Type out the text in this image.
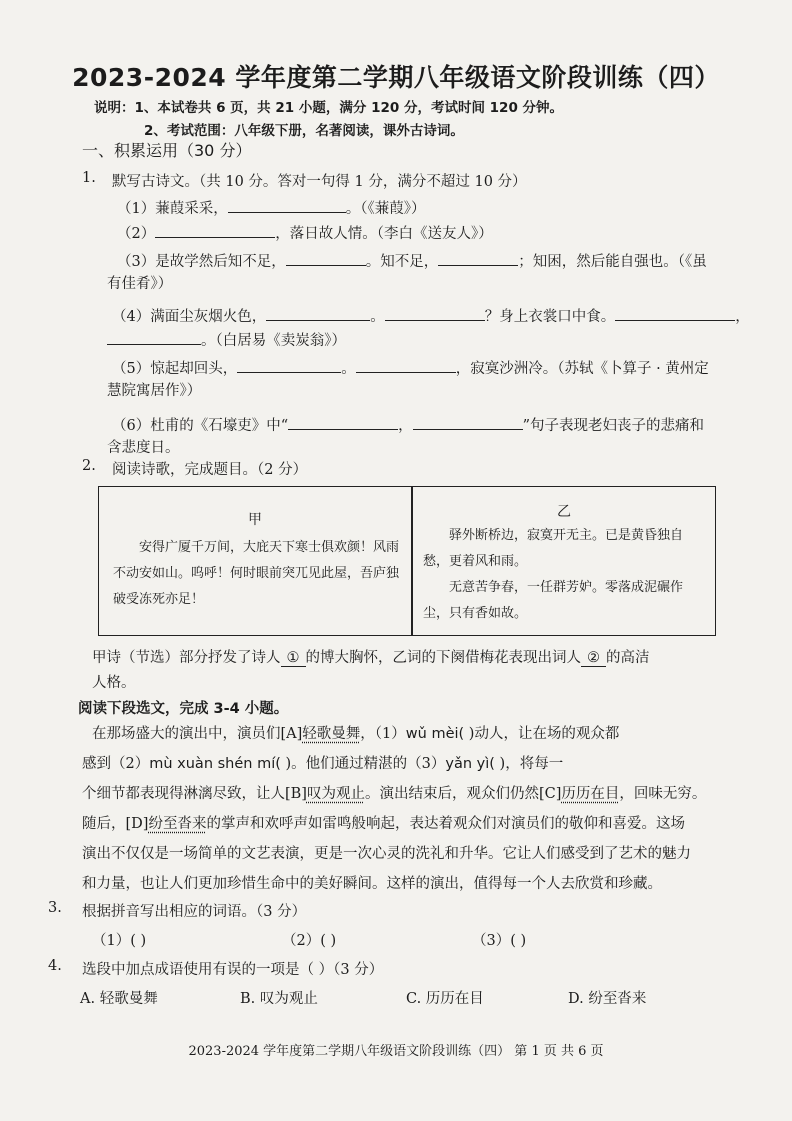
2023-2024 学年度第二学期八年级语文阶段训练（四）
说明：1、本试卷共 6 页，共 21 小题，满分 120 分，考试时间 120 分钟。
2、考试范围：八年级下册，名著阅读，课外古诗词。
一、积累运用（30 分）
1. 默写古诗文。（共 10 分。答对一句得 1 分，满分不超过 10 分）
（1）蒹葭采采，	。（《蒹葭》）
（2）	，落日故人情。（李白《送友人》）
（3）是故学然后知不足，	。知不足，	；知困，然后能自强也。（《虽
有佳肴》）
（4）满面尘灰烟火色，	。	？身上衣裳口中食。	，
。（白居易《卖炭翁》）
（5）惊起却回头，	。	，寂寞沙洲冷。（苏轼《卜算子 · 黄州定
慧院寓居作》）
（6）杜甫的《石壕吏》中“	，	”句子表现老妇丧子的悲痛和
含悲度日。
2. 阅读诗歌，完成题目。（2 分）
甲
安得广厦千万间，大庇天下寒士俱欢颜！风雨不动安如山。呜呼！何时眼前突兀见此屋，吾庐独破受冻死亦足！
乙
驿外断桥边，寂寞开无主。已是黄昏独自愁，更着风和雨。
无意苦争春，一任群芳妒。零落成泥碾作尘，只有香如故。
甲诗（节选）部分抒发了诗人 ① 的博大胸怀，乙词的下阕借梅花表现出词人 ② 的高洁
人格。
阅读下段选文，完成 3-4 小题。
在那场盛大的演出中，演员们[A]轻歌曼舞，（1）wǔ mèi( )动人，让在场的观众都
感到（2）mù xuàn shén mí( )。他们通过精湛的（3）yǎn yì( )，将每一
个细节都表现得淋漓尽致，让人[B]叹为观止。演出结束后，观众们仍然[C]历历在目，回味无穷。
随后，[D]纷至沓来的掌声和欢呼声如雷鸣般响起，表达着观众们对演员们的敬仰和喜爱。这场
演出不仅仅是一场简单的文艺表演，更是一次心灵的洗礼和升华。它让人们感受到了艺术的魅力
和力量，也让人们更加珍惜生命中的美好瞬间。这样的演出，值得每一个人去欣赏和珍藏。
3. 根据拼音写出相应的词语。（3 分）
（1）( )	（2）( )	（3）( )
4. 选段中加点成语使用有误的一项是（ ）（3 分）
A. 轻歌曼舞	B. 叹为观止	C. 历历在目	D. 纷至沓来
2023-2024 学年度第二学期八年级语文阶段训练（四） 第 1 页 共 6 页
